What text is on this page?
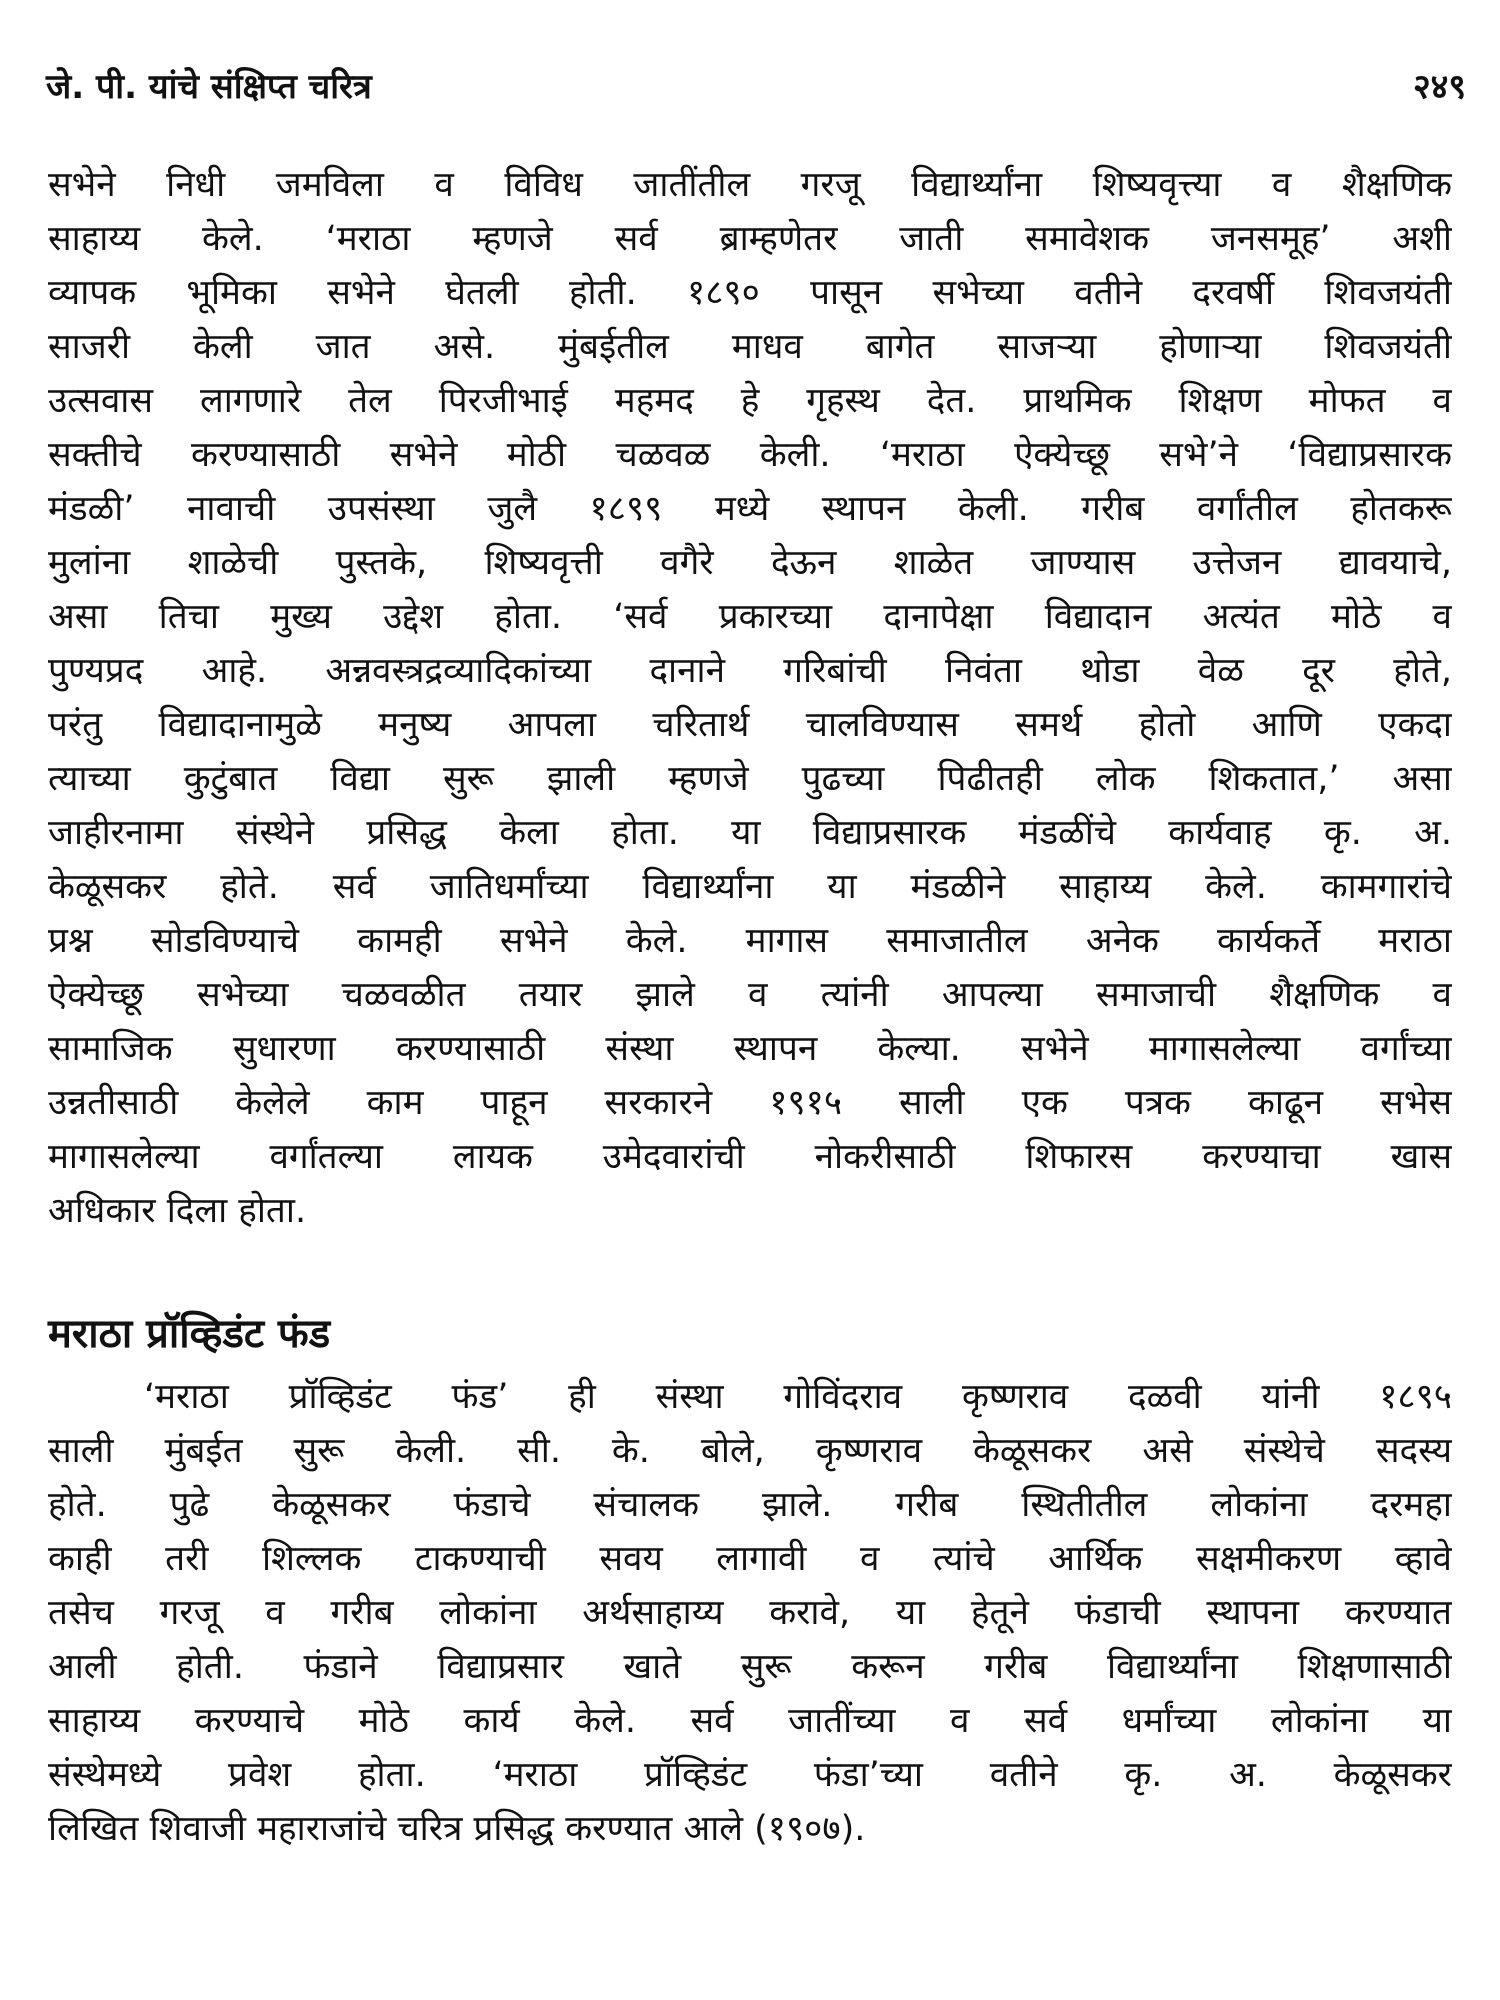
जे. पी. यांचे संक्षिप्त चरित्र	२४९
सभेने निधी जमविला व विविध जातींतील गरजू विद्यार्थ्यांना शिष्यवृत्त्या व शैक्षणिक
साहाय्य केले. ‘मराठा म्हणजे सर्व ब्राम्हणेतर जाती समावेशक जनसमूह’ अशी
व्यापक भूमिका सभेने घेतली होती. १८९० पासून सभेच्या वतीने दरवर्षी शिवजयंती
साजरी केली जात असे. मुंबईतील माधव बागेत साजऱ्या होणाऱ्या शिवजयंती
उत्सवास लागणारे तेल पिरजीभाई महमद हे गृहस्थ देत. प्राथमिक शिक्षण मोफत व
सक्तीचे करण्यासाठी सभेने मोठी चळवळ केली. ‘मराठा ऐक्येच्छू सभे’ने ‘विद्याप्रसारक
मंडळी’ नावाची उपसंस्था जुलै १८९९ मध्ये स्थापन केली. गरीब वर्गांतील होतकरू
मुलांना शाळेची पुस्तके, शिष्यवृत्ती वगैरे देऊन शाळेत जाण्यास उत्तेजन द्यावयाचे,
असा तिचा मुख्य उद्देश होता. ‘सर्व प्रकारच्या दानापेक्षा विद्यादान अत्यंत मोठे व
पुण्यप्रद आहे. अन्नवस्त्रद्रव्यादिकांच्या दानाने गरिबांची निवंता थोडा वेळ दूर होते,
परंतु विद्यादानामुळे मनुष्य आपला चरितार्थ चालविण्यास समर्थ होतो आणि एकदा
त्याच्या कुटुंबात विद्या सुरू झाली म्हणजे पुढच्या पिढीतही लोक शिकतात,’ असा
जाहीरनामा संस्थेने प्रसिद्ध केला होता. या विद्याप्रसारक मंडळींचे कार्यवाह कृ. अ.
केळूसकर होते. सर्व जातिधर्मांच्या विद्यार्थ्यांना या मंडळीने साहाय्य केले. कामगारांचे
प्रश्न सोडविण्याचे कामही सभेने केले. मागास समाजातील अनेक कार्यकर्ते मराठा
ऐक्येच्छू सभेच्या चळवळीत तयार झाले व त्यांनी आपल्या समाजाची शैक्षणिक व
सामाजिक सुधारणा करण्यासाठी संस्था स्थापन केल्या. सभेने मागासलेल्या वर्गांच्या
उन्नतीसाठी केलेले काम पाहून सरकारने १९१५ साली एक पत्रक काढून सभेस
मागासलेल्या वर्गांतल्या लायक उमेदवारांची नोकरीसाठी शिफारस करण्याचा खास
अधिकार दिला होता.
मराठा प्रॉव्हिडंट फंड
‘मराठा प्रॉव्हिडंट फंड’ ही संस्था गोविंदराव कृष्णराव दळवी यांनी १८९५
साली मुंबईत सुरू केली. सी. के. बोले, कृष्णराव केळूसकर असे संस्थेचे सदस्य
होते. पुढे केळूसकर फंडाचे संचालक झाले. गरीब स्थितीतील लोकांना दरमहा
काही तरी शिल्लक टाकण्याची सवय लागावी व त्यांचे आर्थिक सक्षमीकरण व्हावे
तसेच गरजू व गरीब लोकांना अर्थसाहाय्य करावे, या हेतूने फंडाची स्थापना करण्यात
आली होती. फंडाने विद्याप्रसार खाते सुरू करून गरीब विद्यार्थ्यांना शिक्षणासाठी
साहाय्य करण्याचे मोठे कार्य केले. सर्व जातींच्या व सर्व धर्मांच्या लोकांना या
संस्थेमध्ये प्रवेश होता. ‘मराठा प्रॉव्हिडंट फंडा’च्या वतीने कृ. अ. केळूसकर
लिखित शिवाजी महाराजांचे चरित्र प्रसिद्ध करण्यात आले (१९०७).
